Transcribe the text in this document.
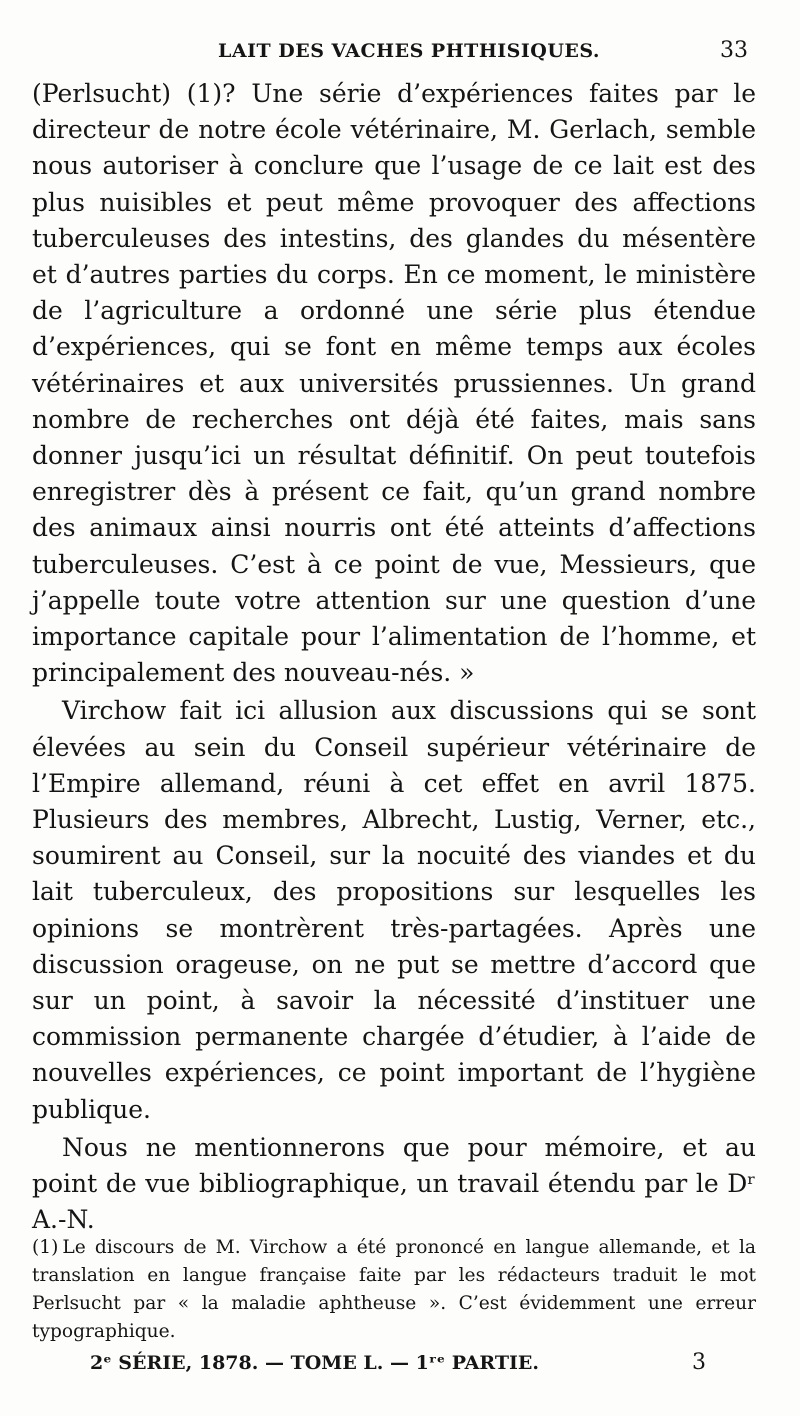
LAIT DES VACHES PHTHISIQUES.	33

(Perlsucht) (1)? Une série d’expériences faites par le directeur de notre école vétérinaire, M. Gerlach, semble nous autoriser à conclure que l’usage de ce lait est des plus nuisibles et peut même provoquer des affections tuberculeuses des intestins, des glandes du mésentère et d’autres parties du corps. En ce moment, le ministère de l’agriculture a ordonné une série plus étendue d’expériences, qui se font en même temps aux écoles vétérinaires et aux universités prussiennes. Un grand nombre de recherches ont déjà été faites, mais sans donner jusqu’ici un résultat définitif. On peut toutefois enregistrer dès à présent ce fait, qu’un grand nombre des animaux ainsi nourris ont été atteints d’affections tuberculeuses. C’est à ce point de vue, Messieurs, que j’appelle toute votre attention sur une question d’une importance capitale pour l’alimentation de l’homme, et principalement des nouveau-nés. »

Virchow fait ici allusion aux discussions qui se sont élevées au sein du Conseil supérieur vétérinaire de l’Empire allemand, réuni à cet effet en avril 1875. Plusieurs des membres, Albrecht, Lustig, Verner, etc., soumirent au Conseil, sur la nocuité des viandes et du lait tuberculeux, des propositions sur lesquelles les opinions se montrèrent très-partagées. Après une discussion orageuse, on ne put se mettre d’accord que sur un point, à savoir la nécessité d’instituer une commission permanente chargée d’étudier, à l’aide de nouvelles expériences, ce point important de l’hygiène publique.

Nous ne mentionnerons que pour mémoire, et au point de vue bibliographique, un travail étendu par le Dʳ A.-N.

(1) Le discours de M. Virchow a été prononcé en langue allemande, et la translation en langue française faite par les rédacteurs traduit le mot Perlsucht par « la maladie aphtheuse ». C’est évidemment une erreur typographique.
2ᵉ SÉRIE, 1878. — TOME L. — 1ʳᵉ PARTIE.	3
